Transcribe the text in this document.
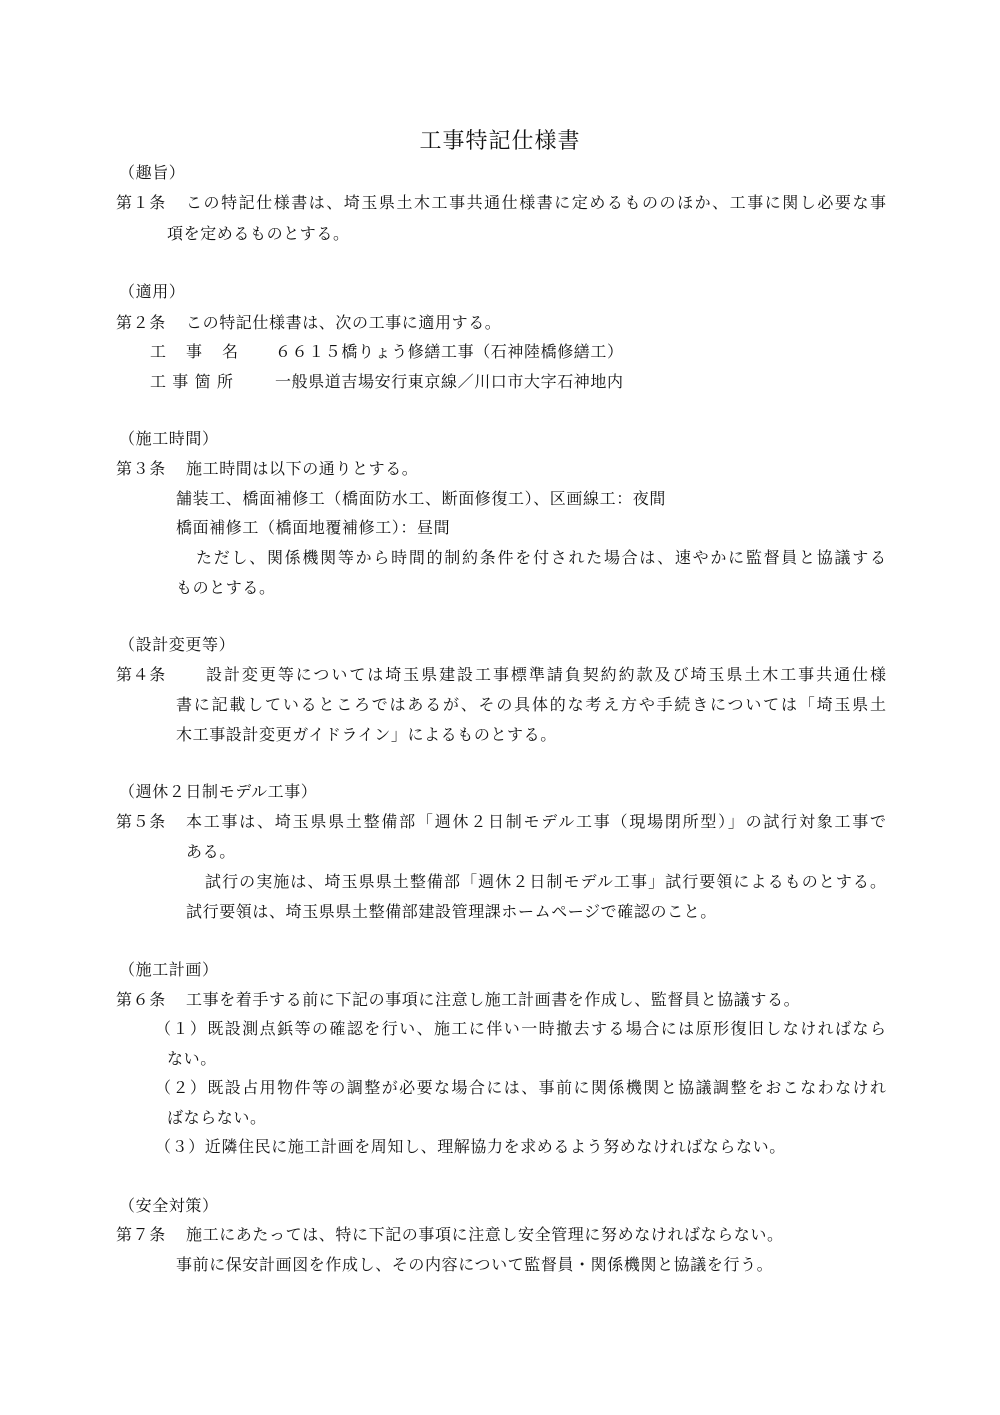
工事特記仕様書
（趣旨）
第１条 この特記仕様書は、埼玉県土木工事共通仕様書に定めるもののほか、工事に関し必要な事
項を定めるものとする。
（適用）
第２条 この特記仕様書は、次の工事に適用する。
工　事　名 ６６１５橋りょう修繕工事（石神陸橋修繕工）
工 事 箇 所	一般県道吉場安行東京線／川口市大字石神地内
（施工時間）
第３条 施工時間は以下の通りとする。
舗装工、橋面補修工（橋面防水工、断面修復工）、区画線工：夜間
橋面補修工（橋面地覆補修工）：昼間
ただし、関係機関等から時間的制約条件を付された場合は、速やかに監督員と協議する
ものとする。
（設計変更等）
第４条	設計変更等については埼玉県建設工事標準請負契約約款及び埼玉県土木工事共通仕様
書に記載しているところではあるが、その具体的な考え方や手続きについては「埼玉県土
木工事設計変更ガイドライン」によるものとする。
（週休２日制モデル工事）
第５条 本工事は、埼玉県県土整備部「週休２日制モデル工事（現場閉所型）」の試行対象工事で
ある。
試行の実施は、埼玉県県土整備部「週休２日制モデル工事」試行要領によるものとする。
試行要領は、埼玉県県土整備部建設管理課ホームページで確認のこと。
（施工計画）
第６条 工事を着手する前に下記の事項に注意し施工計画書を作成し、監督員と協議する。
（１）既設測点鋲等の確認を行い、施工に伴い一時撤去する場合には原形復旧しなければなら
ない。
（２）既設占用物件等の調整が必要な場合には、事前に関係機関と協議調整をおこなわなけれ
ばならない。
（３）近隣住民に施工計画を周知し、理解協力を求めるよう努めなければならない。
（安全対策）
第７条 施工にあたっては、特に下記の事項に注意し安全管理に努めなければならない。
事前に保安計画図を作成し、その内容について監督員・関係機関と協議を行う。
